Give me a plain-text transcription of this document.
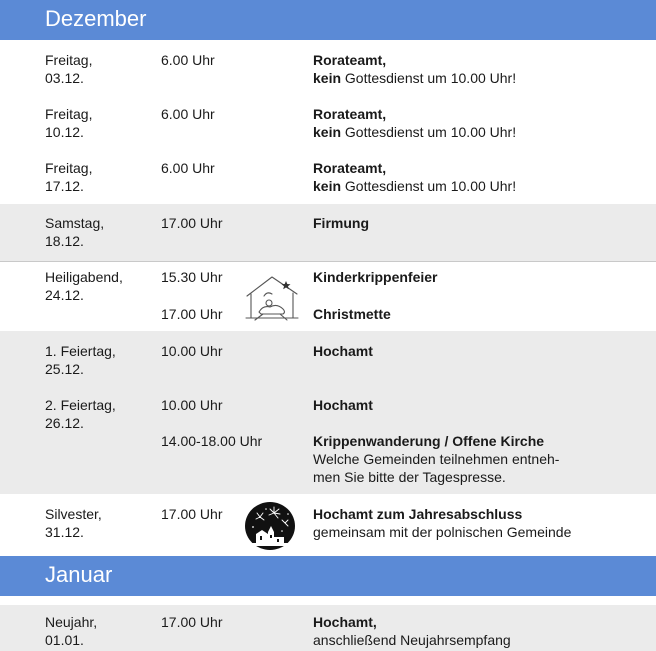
Dezember
Freitag,
03.12.
6.00 Uhr	Rorateamt,
kein Gottesdienst um 10.00 Uhr!
Freitag,
10.12.
6.00 Uhr	Rorateamt,
kein Gottesdienst um 10.00 Uhr!
Freitag,
17.12.
6.00 Uhr	Rorateamt,
kein Gottesdienst um 10.00 Uhr!
Samstag,
18.12.
17.00 Uhr	Firmung
Heiligabend,
24.12.
15.30 Uhr	Kinderkrippenfeier
17.00 Uhr	Christmette
1. Feiertag,
25.12.
10.00 Uhr	Hochamt
2. Feiertag,
26.12.
10.00 Uhr	Hochamt
14.00-18.00 Uhr	Krippenwanderung / Offene Kirche
Welche Gemeinden teilnehmen entneh-
men Sie bitte der Tagespresse.
Silvester,
31.12.
17.00 Uhr	Hochamt zum Jahresabschluss
gemeinsam mit der polnischen Gemeinde
Januar
Neujahr,
01.01.
17.00 Uhr	Hochamt,
anschließend Neujahrsempfang
